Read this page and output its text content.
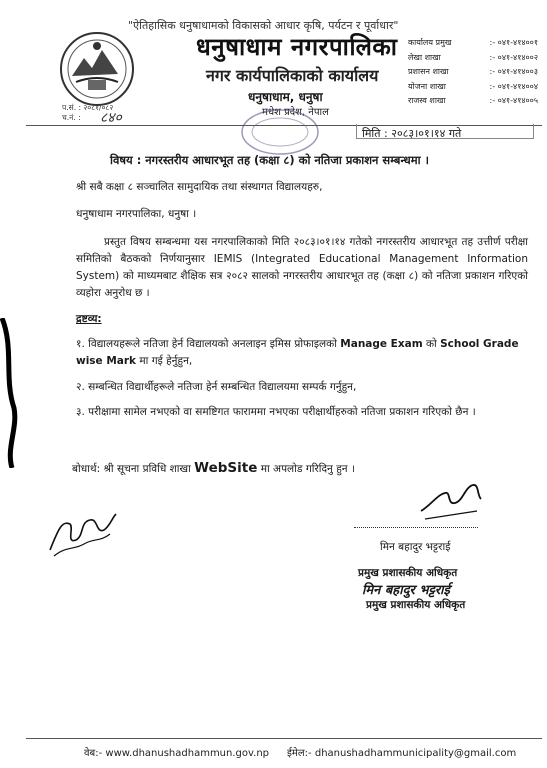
"ऐतिहासिक धनुषाधामको विकासको आधार कृषि, पर्यटन र पूर्वाधार"
धनुषाधाम नगरपालिका
नगर कार्यपालिकाको कार्यालय
धनुषाधाम, धनुषा
मधेश प्रदेश, नेपाल
कार्यालय प्रमुख	:- ०४१-४१४००१
लेखा शाखा	:- ०४१-४१४००२
प्रशासन शाखा	:- ०४१-४१४००३
योजना शाखा	:- ०४१-४१४००४
राजस्व शाखा	:- ०४१-४१४००५
प.सं. : २०८१/०८२
च.नं. :	८४०
मिति : २०८३।०१।१४ गते
विषय : नगरस्तरीय आधारभूत तह (कक्षा ८) को नतिजा प्रकाशन सम्बन्धमा ।
श्री सबै कक्षा ८ सञ्चालित सामुदायिक तथा संस्थागत विद्यालयहरु,
धनुषाधाम नगरपालिका, धनुषा ।
प्रस्तुत विषय सम्बन्धमा यस नगरपालिकाको मिति २०८३।०१।१४ गतेको नगरस्तरीय आधारभूत तह उत्तीर्ण परीक्षा समितिको बैठकको निर्णयानुसार IEMIS (Integrated Educational Management Information System) को माध्यमबाट शैक्षिक सत्र २०८२ सालको नगरस्तरीय आधारभूत तह (कक्षा ८) को नतिजा प्रकाशन गरिएको व्यहोरा अनुरोध छ ।
द्रष्टव्य:
१. विद्यालयहरूले नतिजा हेर्न विद्यालयको अनलाइन इमिस प्रोफाइलको Manage Exam को School Grade wise Mark मा गई हेर्नुहुन,
२. सम्बन्धित विद्यार्थीहरूले नतिजा हेर्न सम्बन्धित विद्यालयमा सम्पर्क गर्नुहुन,
३. परीक्षामा सामेल नभएको वा समष्टिगत फाराममा नभएका परीक्षार्थीहरुको नतिजा प्रकाशन गरिएको छैन ।
बोधार्थ: श्री सूचना प्रविधि शाखा WebSite मा अपलोड गरिदिनु हुन ।
मिन बहादुर भट्टराई
प्रमुख प्रशासकीय अधिकृत
मिन बहादुर भट्टराई
प्रमुख प्रशासकीय अधिकृत
वेब:- www.dhanushadhammun.gov.np ईमेल:- dhanushadhammunicipality@gmail.com
